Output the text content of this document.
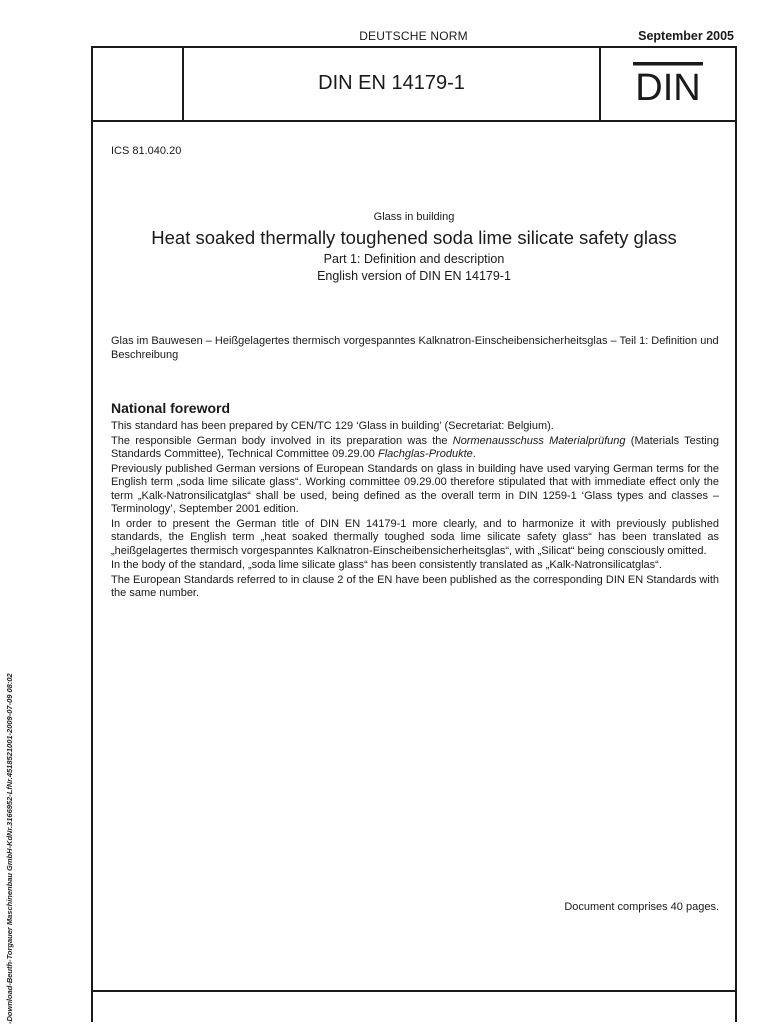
DEUTSCHE NORM	September 2005
DIN EN 14179-1	DIN
ICS 81.040.20
Glass in building
Heat soaked thermally toughened soda lime silicate safety glass
Part 1: Definition and description
English version of DIN EN 14179-1
Glas im Bauwesen – Heißgelagertes thermisch vorgespanntes Kalknatron-Einscheibensicherheitsglas – Teil 1: Definition und Beschreibung
National foreword

This standard has been prepared by CEN/TC 129 ‘Glass in building’ (Secretariat: Belgium).

The responsible German body involved in its preparation was the Normenausschuss Materialprüfung (Materials Testing Standards Committee), Technical Committee 09.29.00 Flachglas-Produkte.

Previously published German versions of European Standards on glass in building have used varying German terms for the English term „soda lime silicate glass“. Working committee 09.29.00 therefore stipulated that with immediate effect only the term „Kalk-Natronsilicatglas“ shall be used, being defined as the overall term in DIN 1259-1 ‘Glass types and classes – Terminology’, September 2001 edition.

In order to present the German title of DIN EN 14179-1 more clearly, and to harmonize it with previously published standards, the English term „heat soaked thermally toughed soda lime silicate safety glass“ has been translated as „heißgelagertes thermisch vorgespanntes Kalknatron-Einscheibensicherheitsglas“, with „Silicat“ being consciously omitted.

In the body of the standard, „soda lime silicate glass“ has been consistently translated as „Kalk-Natronsilicatglas“.

The European Standards referred to in clause 2 of the EN have been published as the corresponding DIN EN Standards with the same number.

Document comprises 40 pages.
-Download-Beuth-Torgauer Maschinenbau GmbH-KdNr.3166952-LfNr.4518521001-2009-07-09 08:02
